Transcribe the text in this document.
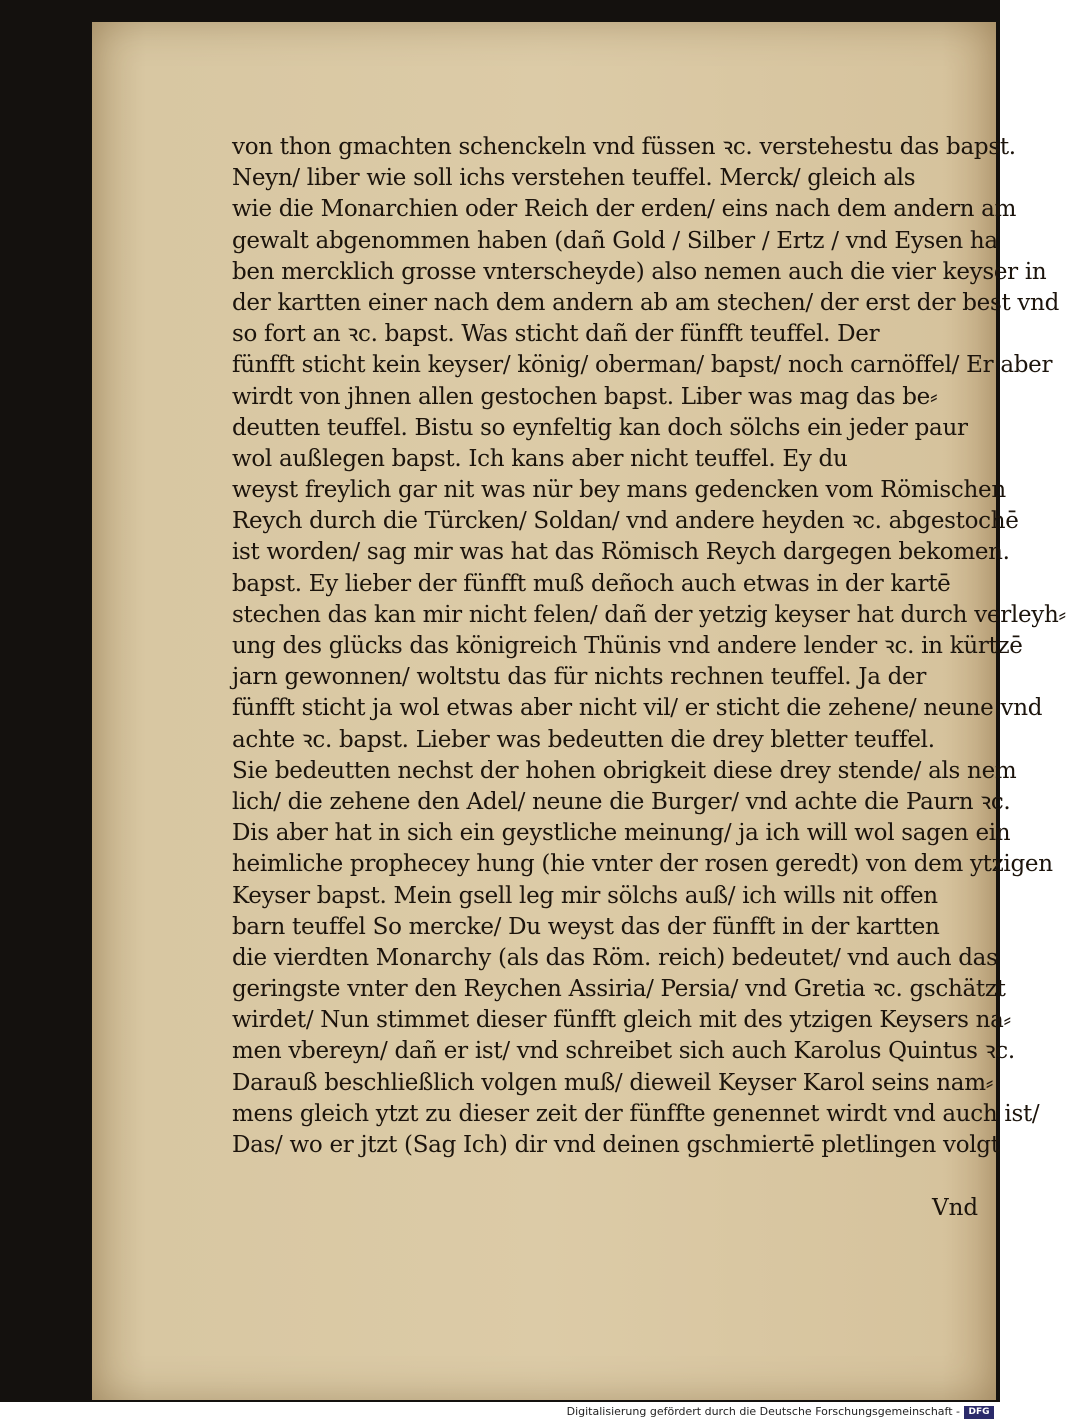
von thon gmachten schenckeln vnd füssen ꝛc. verstehestu das bapst.
Neyn/ liber wie soll ichs verstehen teuffel. Merck/ gleich als
wie die Monarchien oder Reich der erden/ eins nach dem andern am
gewalt abgenommen haben (dañ Gold / Silber / Ertz / vnd Eysen ha
ben mercklich grosse vnterscheyde) also nemen auch die vier keyser in
der kartten einer nach dem andern ab am stechen/ der erst der best vnd
so fort an ꝛc. bapst. Was sticht dañ der fünfft teuffel. Der
fünfft sticht kein keyser/ könig/ oberman/ bapst/ noch carnöffel/ Er aber
wirdt von jhnen allen gestochen bapst. Liber was mag das be⸗
deutten teuffel. Bistu so eynfeltig kan doch sölchs ein jeder paur
wol außlegen bapst. Ich kans aber nicht teuffel. Ey du
weyst freylich gar nit was nür bey mans gedencken vom Römischen
Reych durch die Türcken/ Soldan/ vnd andere heyden ꝛc. abgestochē
ist worden/ sag mir was hat das Römisch Reych dargegen bekomen.
bapst. Ey lieber der fünfft muß deñoch auch etwas in der kartē
stechen das kan mir nicht felen/ dañ der yetzig keyser hat durch verleyh⸗
ung des glücks das königreich Thünis vnd andere lender ꝛc. in kürtzē
jarn gewonnen/ woltstu das für nichts rechnen teuffel. Ja der
fünfft sticht ja wol etwas aber nicht vil/ er sticht die zehene/ neune vnd
achte ꝛc. bapst. Lieber was bedeutten die drey bletter teuffel.
Sie bedeutten nechst der hohen obrigkeit diese drey stende/ als nem
lich/ die zehene den Adel/ neune die Burger/ vnd achte die Paurn ꝛc.
Dis aber hat in sich ein geystliche meinung/ ja ich will wol sagen ein
heimliche prophecey hung (hie vnter der rosen geredt) von dem ytzigen
Keyser bapst. Mein gsell leg mir sölchs auß/ ich wills nit offen
barn teuffel So mercke/ Du weyst das der fünfft in der kartten
die vierdten Monarchy (als das Röm. reich) bedeutet/ vnd auch das
geringste vnter den Reychen Assiria/ Persia/ vnd Gretia ꝛc. gschätzt
wirdet/ Nun stimmet dieser fünfft gleich mit des ytzigen Keysers na⸗
men vbereyn/ dañ er ist/ vnd schreibet sich auch Karolus Quintus ꝛc.
Darauß beschließlich volgen muß/ dieweil Keyser Karol seins nam⸗
mens gleich ytzt zu dieser zeit der fünffte genennet wirdt vnd auch ist/
Das/ wo er jtzt (Sag Ich) dir vnd deinen gschmiertē pletlingen volgt
Vnd
Digitalisierung gefördert durch die Deutsche Forschungsgemeinschaft - DFG
